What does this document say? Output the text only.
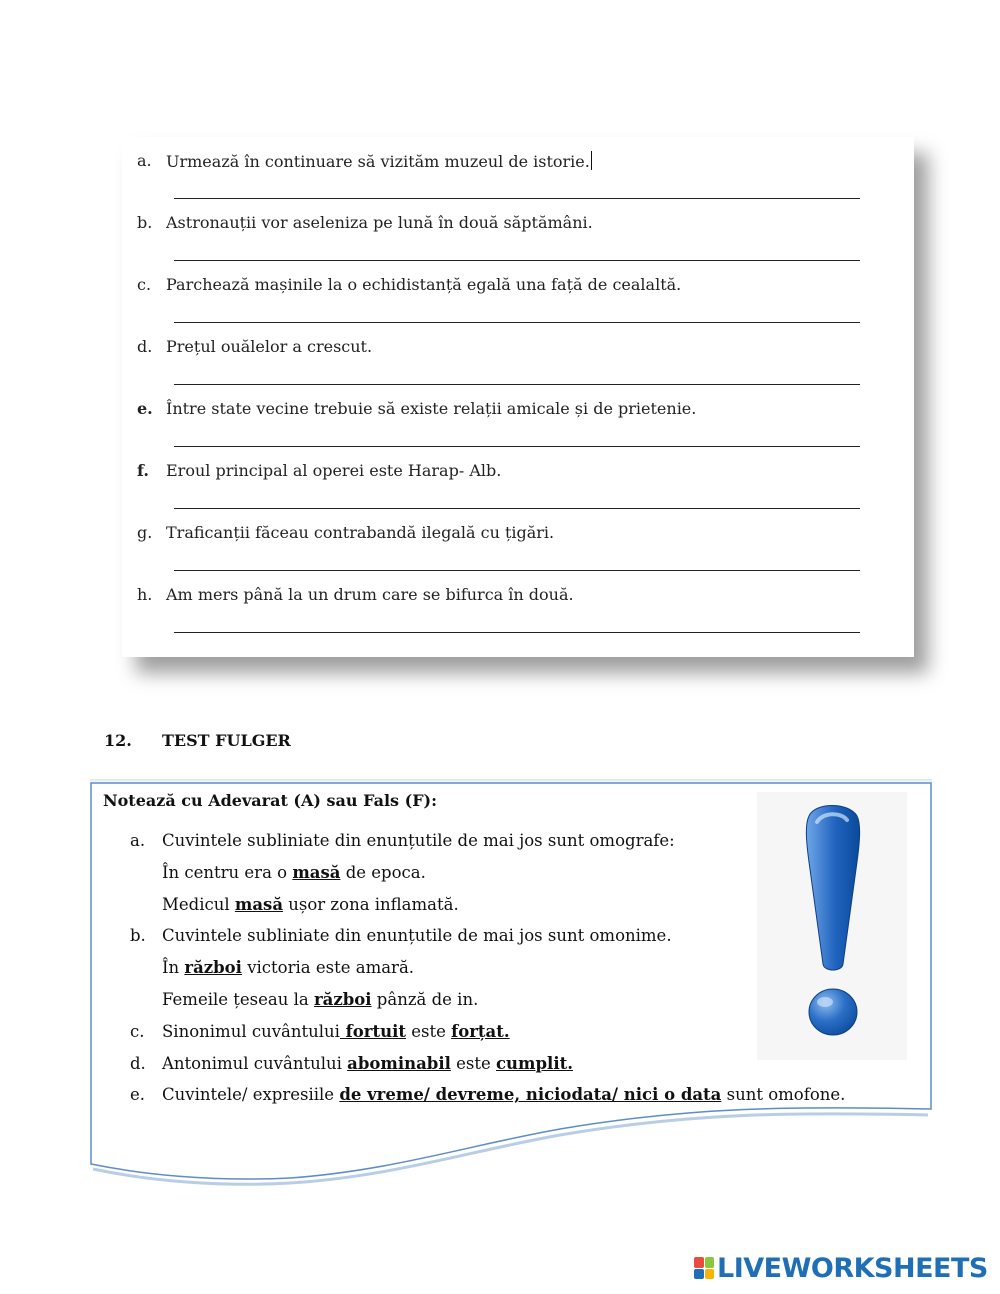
a. Urmează în continuare să vizităm muzeul de istorie.
b. Astronauții vor aseleniza pe lună în două săptămâni.
c. Parchează mașinile la o echidistanță egală una față de cealaltă.
d. Prețul ouălelor a crescut.
e. Între state vecine trebuie să existe relații amicale și de prietenie.
f. Eroul principal al operei este Harap- Alb.
g. Traficanții făceau contrabandă ilegală cu țigări.
h. Am mers până la un drum care se bifurca în două.
12. TEST FULGER
Notează cu Adevarat (A) sau Fals (F):
a. Cuvintele subliniate din enunțutile de mai jos sunt omografe:
În centru era o masă de epoca.
Medicul masă ușor zona inflamată.
b. Cuvintele subliniate din enunțutile de mai jos sunt omonime.
În război victoria este amară.
Femeile țeseau la război pânză de in.
c. Sinonimul cuvântului fortuit este forțat.
d. Antonimul cuvântului abominabil este cumplit.
e. Cuvintele/ expresiile de vreme/ devreme, niciodata/ nici o data sunt omofone.
LIVEWORKSHEETS
